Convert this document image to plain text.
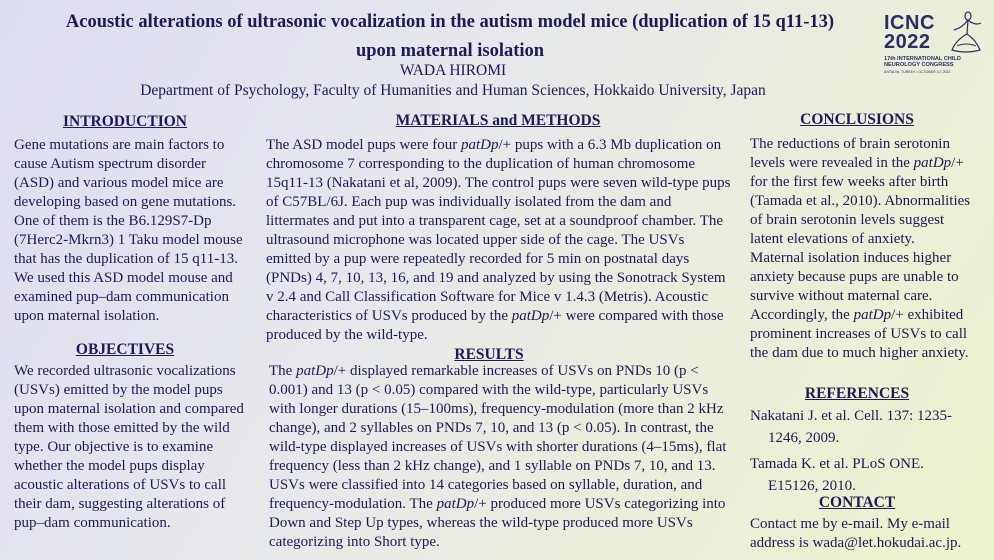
Acoustic alterations of ultrasonic vocalization in the autism model mice (duplication of 15 q11-13)
upon maternal isolation
WADA HIROMI
Department of Psychology, Faculty of Humanities and Human Sciences, Hokkaido University, Japan
ICNC
2022
17th INTERNATIONAL CHILD
NEUROLOGY CONGRESS
ANTALYA, TURKEY • OCTOBER 3-7 2022
INTRODUCTION
Gene mutations are main factors to cause Autism spectrum disorder (ASD) and various model mice are developing based on gene mutations. One of them is the B6.129S7-Dp (7Herc2-Mkrn3) 1 Taku model mouse that has the duplication of 15 q11-13. We used this ASD model mouse and examined pup–dam communication upon maternal isolation.
OBJECTIVES
We recorded ultrasonic vocalizations (USVs) emitted by the model pups upon maternal isolation and compared them with those emitted by the wild type. Our objective is to examine whether the model pups display acoustic alterations of USVs to call their dam, suggesting alterations of pup–dam communication.
MATERIALS and METHODS
The ASD model pups were four patDp/+ pups with a 6.3 Mb duplication on chromosome 7 corresponding to the duplication of human chromosome 15q11-13 (Nakatani et al, 2009). The control pups were seven wild-type pups of C57BL/6J. Each pup was individually isolated from the dam and littermates and put into a transparent cage, set at a soundproof chamber. The ultrasound microphone was located upper side of the cage. The USVs emitted by a pup were repeatedly recorded for 5 min on postnatal days (PNDs) 4, 7, 10, 13, 16, and 19 and analyzed by using the Sonotrack System v 2.4 and Call Classification Software for Mice v 1.4.3 (Metris). Acoustic characteristics of USVs produced by the patDp/+ were compared with those produced by the wild-type.
RESULTS
The patDp/+ displayed remarkable increases of USVs on PNDs 10 (p < 0.001) and 13 (p < 0.05) compared with the wild-type, particularly USVs with longer durations (15–100ms), frequency-modulation (more than 2 kHz change), and 2 syllables on PNDs 7, 10, and 13 (p < 0.05). In contrast, the wild-type displayed increases of USVs with shorter durations (4–15ms), flat frequency (less than 2 kHz change), and 1 syllable on PNDs 7, 10, and 13. USVs were classified into 14 categories based on syllable, duration, and frequency-modulation. The patDp/+ produced more USVs categorizing into Down and Step Up types, whereas the wild-type produced more USVs categorizing into Short type.
CONCLUSIONS
The reductions of brain serotonin levels were revealed in the patDp/+ for the first few weeks after birth (Tamada et al., 2010). Abnormalities of brain serotonin levels suggest latent elevations of anxiety. Maternal isolation induces higher anxiety because pups are unable to survive without maternal care. Accordingly, the patDp/+ exhibited prominent increases of USVs to call the dam due to much higher anxiety.
REFERENCES

Nakatani J. et al. Cell. 137: 1235-1246, 2009.

Tamada K. et al. PLoS ONE. E15126, 2010.

CONTACT
Contact me by e-mail. My e-mail address is wada@let.hokudai.ac.jp.
